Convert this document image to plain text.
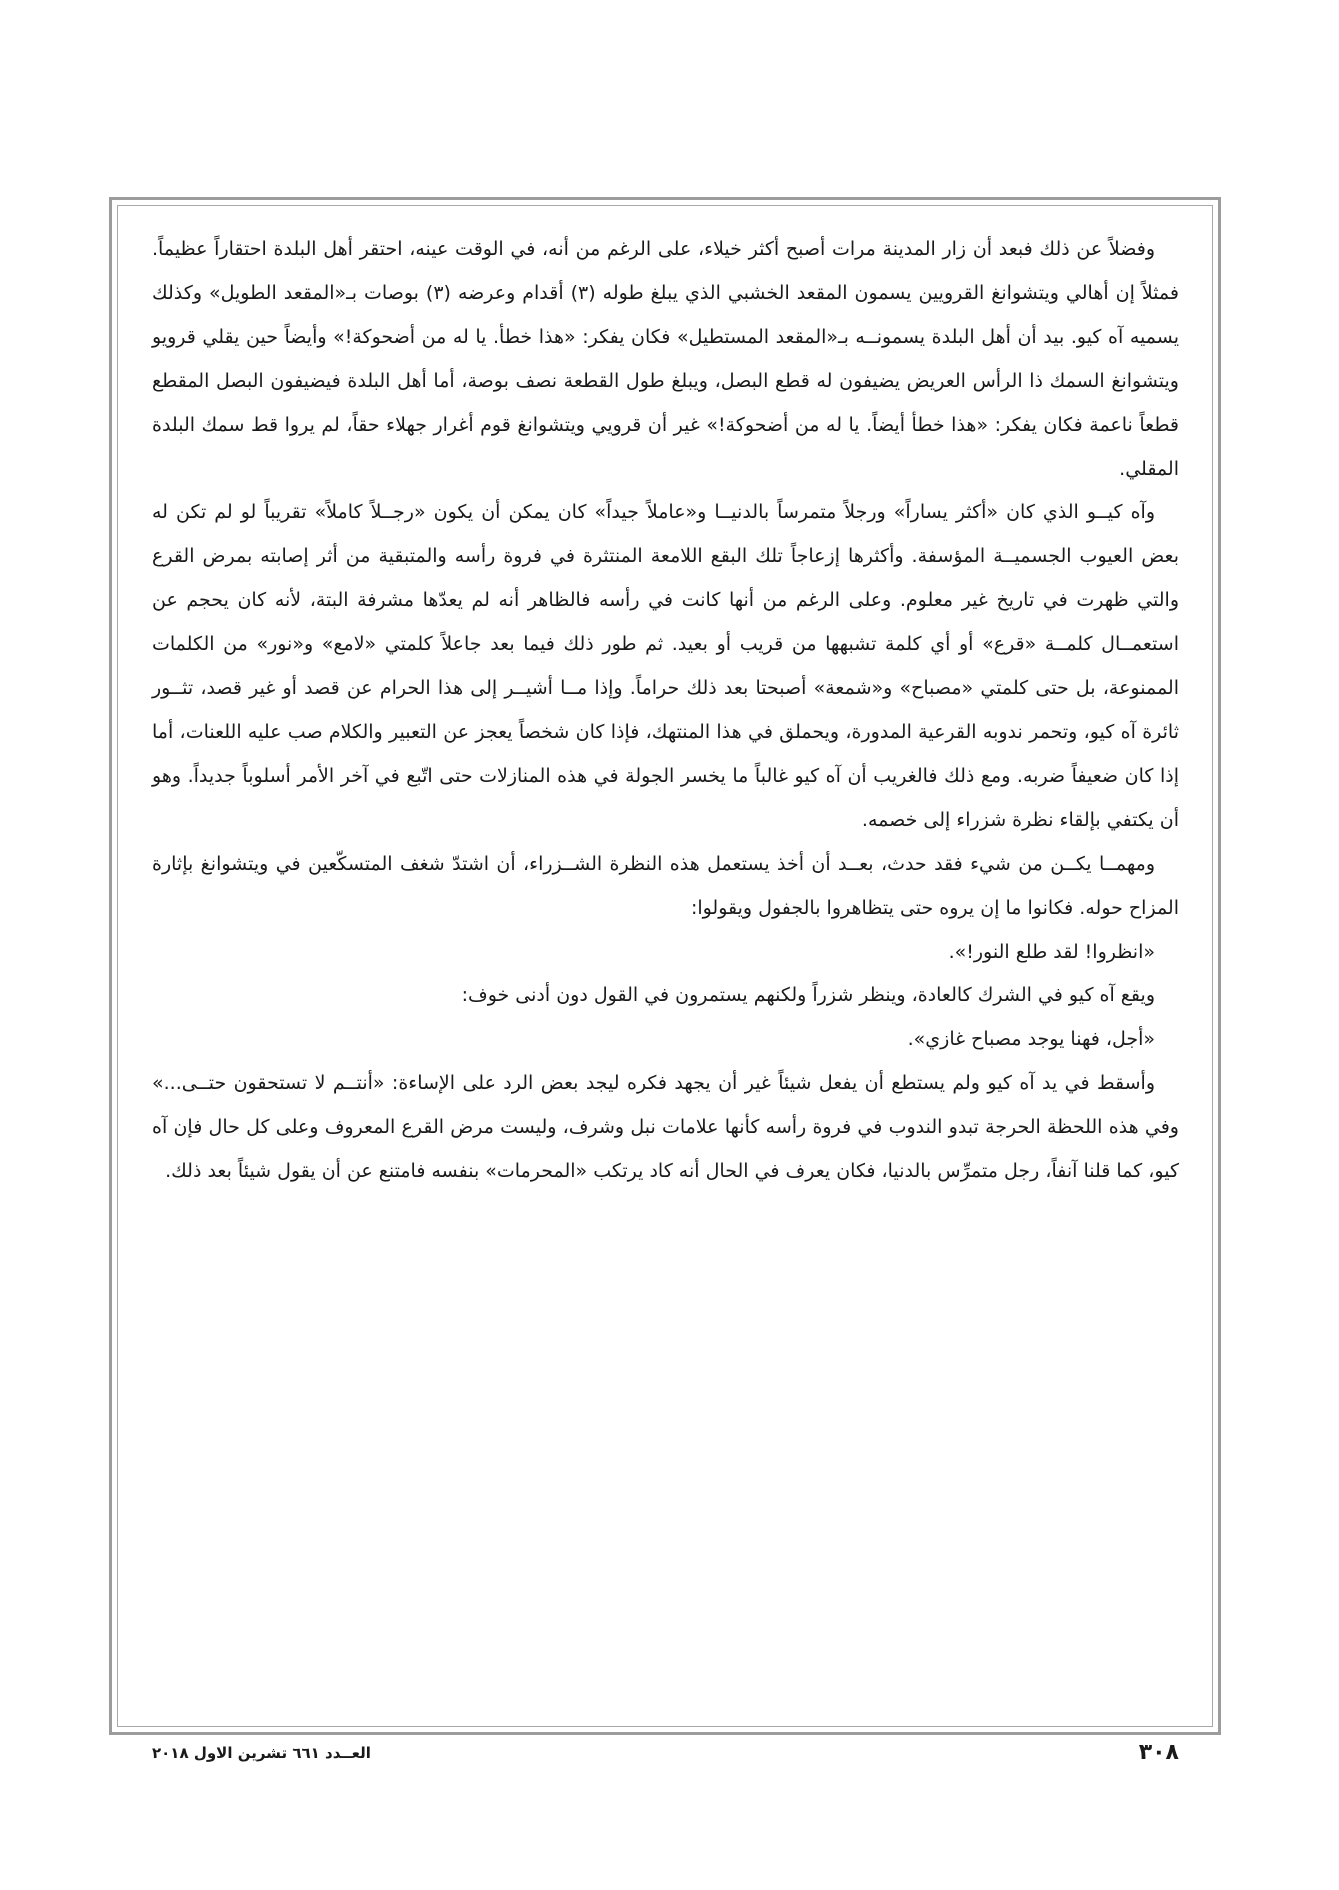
وفضلاً عن ذلك فبعد أن زار المدينة مرات أصبح أكثر خيلاء، على الرغم من أنه، في الوقت عينه، احتقر أهل البلدة احتقاراً عظيماً. فمثلاً إن أهالي ويتشوانغ القرويين يسمون المقعد الخشبي الذي يبلغ طوله (٣) أقدام وعرضه (٣) بوصات بـ«المقعد الطويل» وكذلك يسميه آه كيو. بيد أن أهل البلدة يسمونــه بـ«المقعد المستطيل» فكان يفكر: «هذا خطأ. يا له من أضحوكة!» وأيضاً حين يقلي قرويو ويتشوانغ السمك ذا الرأس العريض يضيفون له قطع البصل، ويبلغ طول القطعة نصف بوصة، أما أهل البلدة فيضيفون البصل المقطع قطعاً ناعمة فكان يفكر: «هذا خطأ أيضاً. يا له من أضحوكة!» غير أن قرويي ويتشوانغ قوم أغرار جهلاء حقاً، لم يروا قط سمك البلدة المقلي.

وآه كيــو الذي كان «أكثر يساراً» ورجلاً متمرساً بالدنيــا و«عاملاً جيداً» كان يمكن أن يكون «رجــلاً كاملاً» تقريباً لو لم تكن له بعض العيوب الجسميــة المؤسفة. وأكثرها إزعاجاً تلك البقع اللامعة المنتثرة في فروة رأسه والمتبقية من أثر إصابته بمرض القرع والتي ظهرت في تاريخ غير معلوم. وعلى الرغم من أنها كانت في رأسه فالظاهر أنه لم يعدّها مشرفة البتة، لأنه كان يحجم عن استعمــال كلمــة «قرع» أو أي كلمة تشبهها من قريب أو بعيد. ثم طور ذلك فيما بعد جاعلاً كلمتي «لامع» و«نور» من الكلمات الممنوعة، بل حتى كلمتي «مصباح» و«شمعة» أصبحتا بعد ذلك حراماً. وإذا مــا أشيــر إلى هذا الحرام عن قصد أو غير قصد، تثــور ثائرة آه كيو، وتحمر ندوبه القرعية المدورة، ويحملق في هذا المنتهك، فإذا كان شخصاً يعجز عن التعبير والكلام صب عليه اللعنات، أما إذا كان ضعيفاً ضربه. ومع ذلك فالغريب أن آه كيو غالباً ما يخسر الجولة في هذه المنازلات حتى اتّبع في آخر الأمر أسلوباً جديداً. وهو أن يكتفي بإلقاء نظرة شزراء إلى خصمه.

ومهمــا يكــن من شيء فقد حدث، بعــد أن أخذ يستعمل هذه النظرة الشــزراء، أن اشتدّ شغف المتسكّعين في ويتشوانغ بإثارة المزاح حوله. فكانوا ما إن يروه حتى يتظاهروا بالجفول ويقولوا:

«انظروا! لقد طلع النور!».

ويقع آه كيو في الشرك كالعادة، وينظر شزراً ولكنهم يستمرون في القول دون أدنى خوف:

«أجل، فهنا يوجد مصباح غازي».

وأسقط في يد آه كيو ولم يستطع أن يفعل شيئاً غير أن يجهد فكره ليجد بعض الرد على الإساءة: «أنتــم لا تستحقون حتــى...» وفي هذه اللحظة الحرجة تبدو الندوب في فروة رأسه كأنها علامات نبل وشرف، وليست مرض القرع المعروف وعلى كل حال فإن آه كيو، كما قلنا آنفاً، رجل متمرِّس بالدنيا، فكان يعرف في الحال أنه كاد يرتكب «المحرمات» بنفسه فامتنع عن أن يقول شيئاً بعد ذلك.

٣٠٨
العــدد ٦٦١ تشرين الاول ٢٠١٨
